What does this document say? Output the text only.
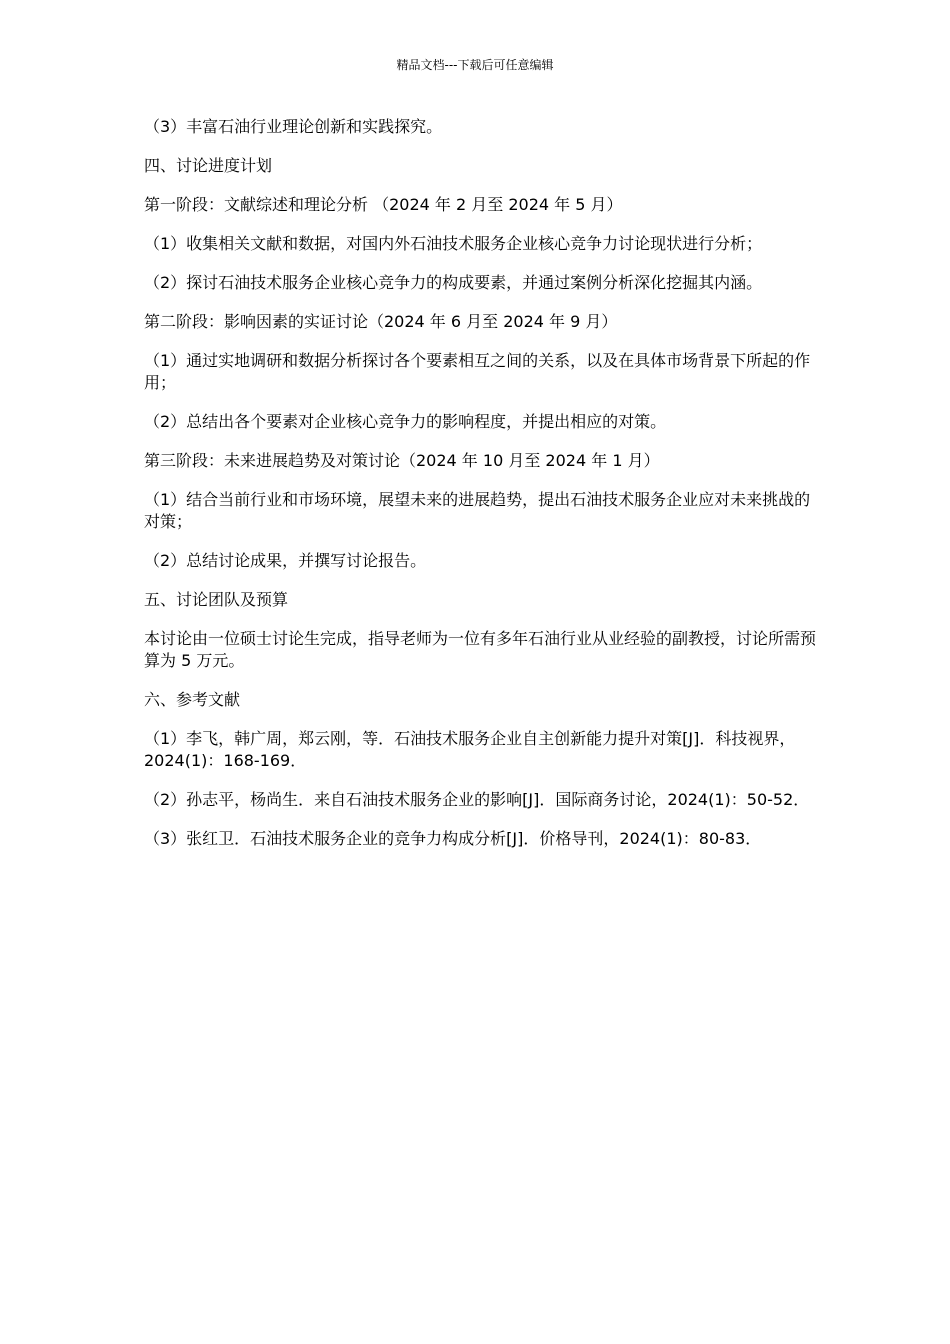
精品文档---下载后可任意编辑

（3）丰富石油行业理论创新和实践探究。

四、讨论进度计划

第一阶段：文献综述和理论分析 （2024 年 2 月至 2024 年 5 月）

（1）收集相关文献和数据，对国内外石油技术服务企业核心竞争力讨论现状进行分析；

（2）探讨石油技术服务企业核心竞争力的构成要素，并通过案例分析深化挖掘其内涵。

第二阶段：影响因素的实证讨论（2024 年 6 月至 2024 年 9 月）

（1）通过实地调研和数据分析探讨各个要素相互之间的关系，以及在具体市场背景下所起的作用；

（2）总结出各个要素对企业核心竞争力的影响程度，并提出相应的对策。

第三阶段：未来进展趋势及对策讨论（2024 年 10 月至 2024 年 1 月）

（1）结合当前行业和市场环境，展望未来的进展趋势，提出石油技术服务企业应对未来挑战的对策；

（2）总结讨论成果，并撰写讨论报告。

五、讨论团队及预算

本讨论由一位硕士讨论生完成，指导老师为一位有多年石油行业从业经验的副教授，讨论所需预算为 5 万元。

六、参考文献

（1）李飞，韩广周，郑云刚，等．石油技术服务企业自主创新能力提升对策[J]．科技视界，2024(1)：168-169．

（2）孙志平，杨尚生．来自石油技术服务企业的影响[J]．国际商务讨论，2024(1)：50-52．

（3）张红卫．石油技术服务企业的竞争力构成分析[J]．价格导刊，2024(1)：80-83．
